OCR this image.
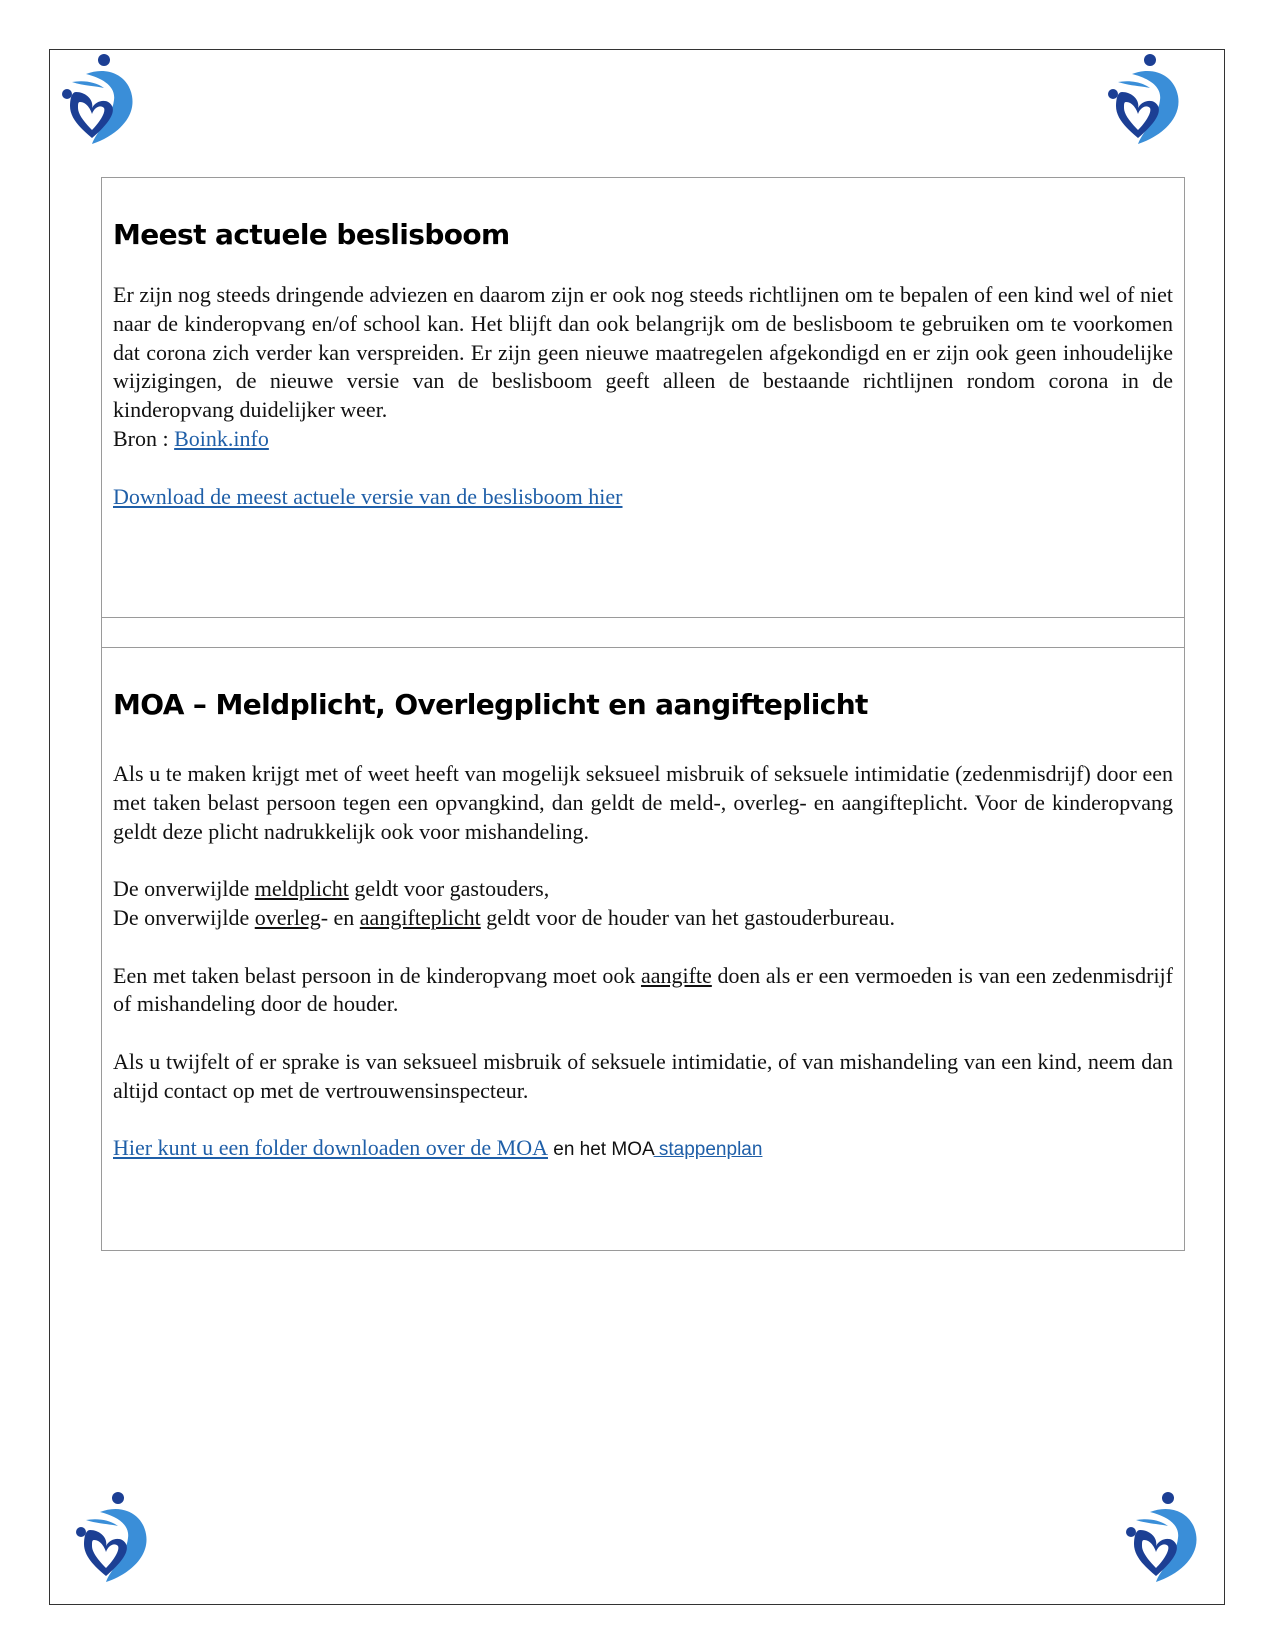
Meest actuele beslisboom

Er zijn nog steeds dringende adviezen en daarom zijn er ook nog steeds richtlijnen om te bepalen of een kind wel of niet naar de kinderopvang en/of school kan. Het blijft dan ook belangrijk om de beslisboom te gebruiken om te voorkomen dat corona zich verder kan verspreiden. Er zijn geen nieuwe maatregelen afgekondigd en er zijn ook geen inhoudelijke wijzigingen, de nieuwe versie van de beslisboom geeft alleen de bestaande richtlijnen rondom corona in de kinderopvang duidelijker weer.

Bron : Boink.info

Download de meest actuele versie van de beslisboom hier

MOA – Meldplicht, Overlegplicht en aangifteplicht

Als u te maken krijgt met of weet heeft van mogelijk seksueel misbruik of seksuele intimidatie (zedenmisdrijf) door een met taken belast persoon tegen een opvangkind, dan geldt de meld-, overleg- en aangifteplicht. Voor de kinderopvang geldt deze plicht nadrukkelijk ook voor mishandeling.

De onverwijlde meldplicht geldt voor gastouders,

De onverwijlde overleg- en aangifteplicht geldt voor de houder van het gastouderbureau.

Een met taken belast persoon in de kinderopvang moet ook aangifte doen als er een vermoeden is van een zedenmisdrijf of mishandeling door de houder.

Als u twijfelt of er sprake is van seksueel misbruik of seksuele intimidatie, of van mishandeling van een kind, neem dan altijd contact op met de vertrouwensinspecteur.

Hier kunt u een folder downloaden over de MOA en het MOA stappenplan
